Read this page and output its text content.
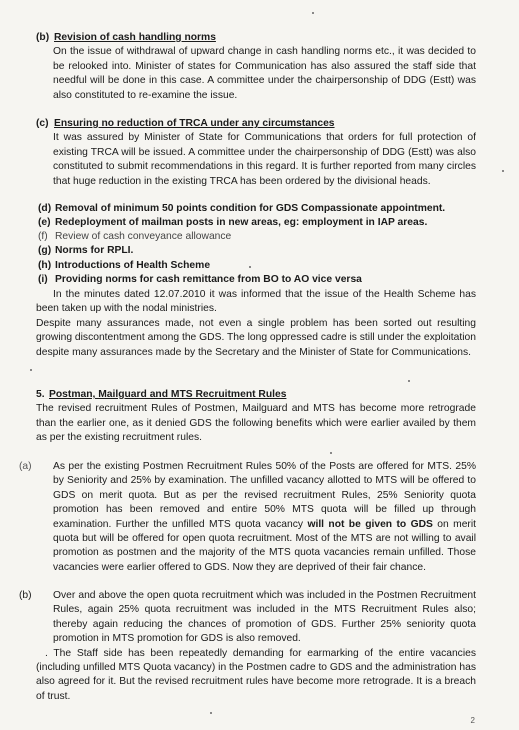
(b) Revision of cash handling norms

On the issue of withdrawal of upward change in cash handling norms etc., it was decided to be relooked into. Minister of states for Communication has also assured the staff side that needful will be done in this case. A committee under the chairpersonship of DDG (Estt) was also constituted to re-examine the issue.

(c) Ensuring no reduction of TRCA under any circumstances

It was assured by Minister of State for Communications that orders for full protection of existing TRCA will be issued. A committee under the chairpersonship of DDG (Estt) was also constituted to submit recommendations in this regard. It is further reported from many circles that huge reduction in the existing TRCA has been ordered by the divisional heads.

(d) Removal of minimum 50 points condition for GDS Compassionate appointment.
(e) Redeployment of mailman posts in new areas, eg: employment in IAP areas.
(f) Review of cash conveyance allowance
(g) Norms for RPLI.
(h) Introductions of Health Scheme
(i) Providing norms for cash remittance from BO to AO vice versa

In the minutes dated 12.07.2010 it was informed that the issue of the Health Scheme has been taken up with the nodal ministries.

Despite many assurances made, not even a single problem has been sorted out resulting growing discontentment among the GDS. The long oppressed cadre is still under the exploitation despite many assurances made by the Secretary and the Minister of State for Communications.

5. Postman, Mailguard and MTS Recruitment Rules

The revised recruitment Rules of Postmen, Mailguard and MTS has become more retrograde than the earlier one, as it denied GDS the following benefits which were earlier availed by them as per the existing recruitment rules.

(a) As per the existing Postmen Recruitment Rules 50% of the Posts are offered for MTS. 25% by Seniority and 25% by examination. The unfilled vacancy allotted to MTS will be offered to GDS on merit quota. But as per the revised recruitment Rules, 25% Seniority quota promotion has been removed and entire 50% MTS quota will be filled up through examination. Further the unfilled MTS quota vacancy will not be given to GDS on merit quota but will be offered for open quota recruitment. Most of the MTS are not willing to avail promotion as postmen and the majority of the MTS quota vacancies remain unfilled. Those vacancies were earlier offered to GDS. Now they are deprived of their fair chance.

(b) Over and above the open quota recruitment which was included in the Postmen Recruitment Rules, again 25% quota recruitment was included in the MTS Recruitment Rules also; thereby again reducing the chances of promotion of GDS. Further 25% seniority quota promotion in MTS promotion for GDS is also removed.

. The Staff side has been repeatedly demanding for earmarking of the entire vacancies (including unfilled MTS Quota vacancy) in the Postmen cadre to GDS and the administration has also agreed for it. But the revised recruitment rules have become more retrograde. It is a breach of trust.

2
